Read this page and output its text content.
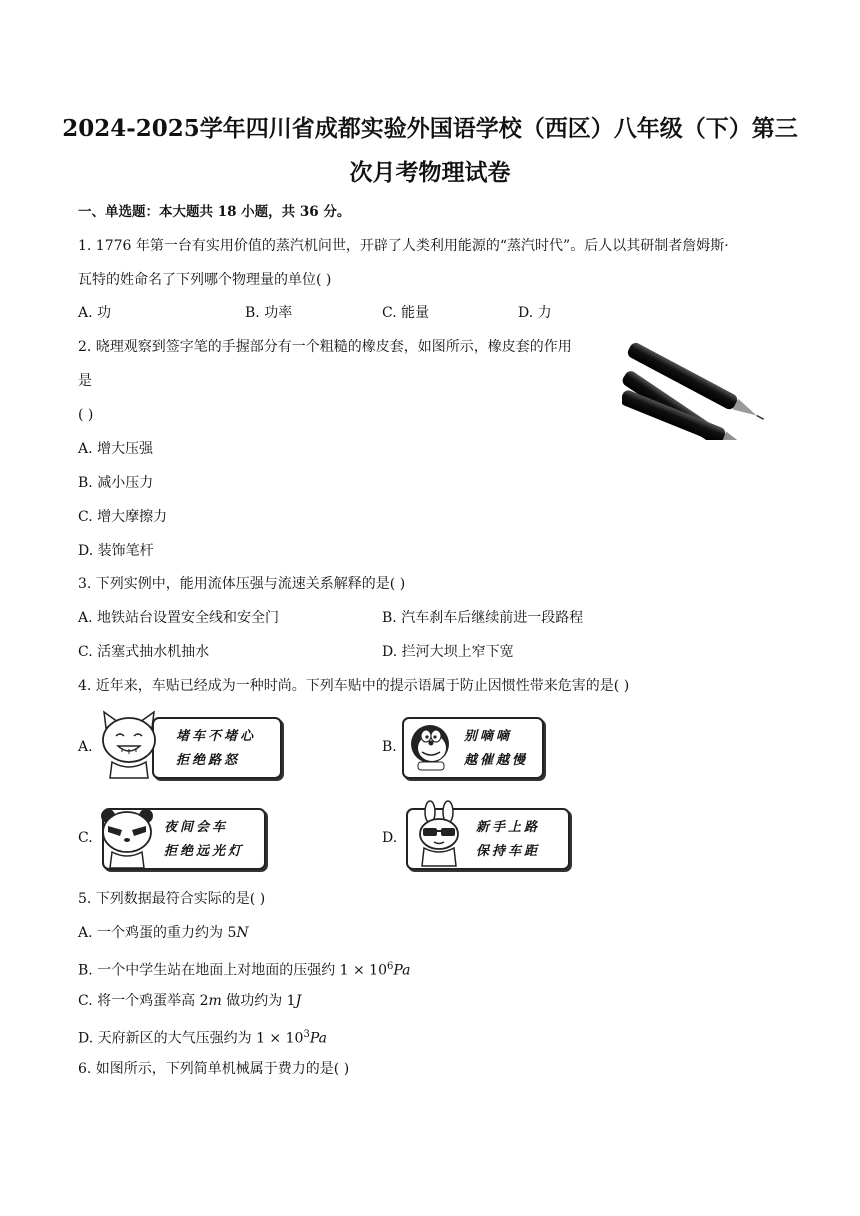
2024-2025学年四川省成都实验外国语学校（西区）八年级（下）第三
次月考物理试卷
一、单选题：本大题共 18 小题，共 36 分。
1. 1776 年第一台有实用价值的蒸汽机问世，开辟了人类利用能源的“蒸汽时代”。后人以其研制者詹姆斯·
瓦特的姓命名了下列哪个物理量的单位( )
A. 功	B. 功率	C. 能量	D. 力
2. 晓理观察到签字笔的手握部分有一个粗糙的橡皮套，如图所示，橡皮套的作用
是
( )
A. 增大压强
B. 减小压力
C. 增大摩擦力
D. 装饰笔杆
3. 下列实例中，能用流体压强与流速关系解释的是( )
A. 地铁站台设置安全线和安全门	B. 汽车刹车后继续前进一段路程
C. 活塞式抽水机抽水	D. 拦河大坝上窄下宽
4. 近年来，车贴已经成为一种时尚。下列车贴中的提示语属于防止因惯性带来危害的是( )
A.	B.
C.	D.
堵车不堵心
拒绝路怒
别嘀嘀
越催越慢
夜间会车
拒绝远光灯
新手上路
保持车距
5. 下列数据最符合实际的是( )
A. 一个鸡蛋的重力约为 5N
B. 一个中学生站在地面上对地面的压强约 $1 \times 10^6Pa$
C. 将一个鸡蛋举高 2m 做功约为 1J
D. 天府新区的大气压强约为 $1 \times 10^3Pa$
6. 如图所示，下列简单机械属于费力的是( )
